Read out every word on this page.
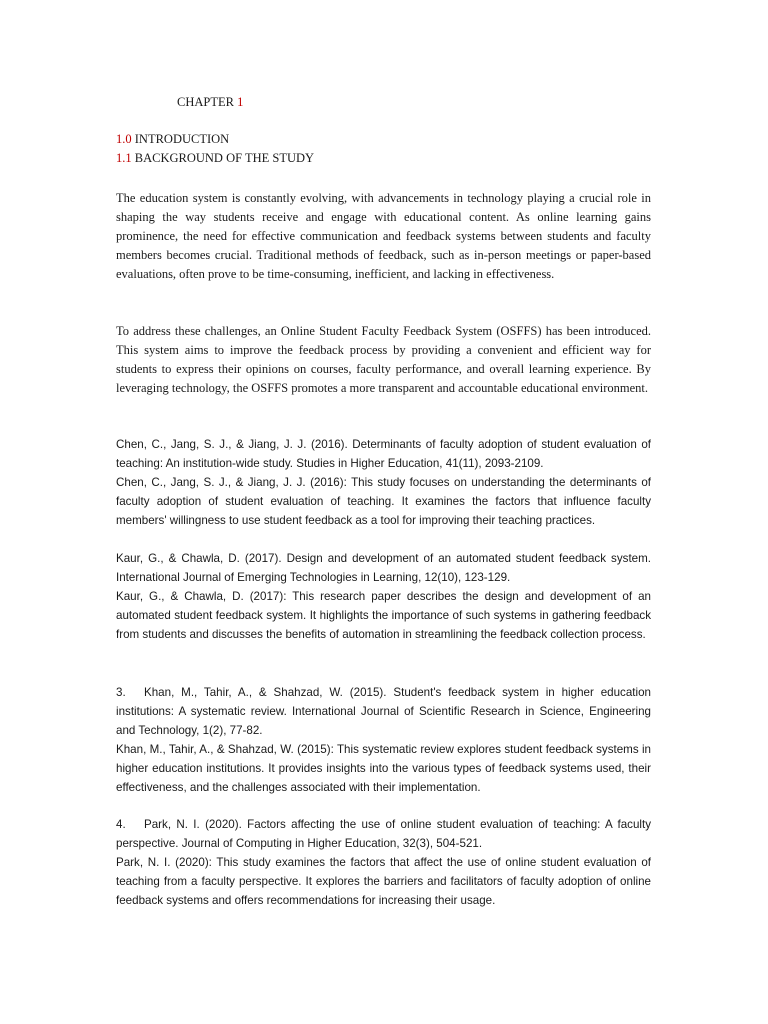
CHAPTER 1
1.0 INTRODUCTION
1.1 BACKGROUND OF THE STUDY
The education system is constantly evolving, with advancements in technology playing a crucial role in shaping the way students receive and engage with educational content. As online learning gains prominence, the need for effective communication and feedback systems between students and faculty members becomes crucial. Traditional methods of feedback, such as in-person meetings or paper-based evaluations, often prove to be time-consuming, inefficient, and lacking in effectiveness.
To address these challenges, an Online Student Faculty Feedback System (OSFFS) has been introduced. This system aims to improve the feedback process by providing a convenient and efficient way for students to express their opinions on courses, faculty performance, and overall learning experience. By leveraging technology, the OSFFS promotes a more transparent and accountable educational environment.
Chen, C., Jang, S. J., & Jiang, J. J. (2016). Determinants of faculty adoption of student evaluation of teaching: An institution-wide study. Studies in Higher Education, 41(11), 2093-2109.
Chen, C., Jang, S. J., & Jiang, J. J. (2016): This study focuses on understanding the determinants of faculty adoption of student evaluation of teaching. It examines the factors that influence faculty members' willingness to use student feedback as a tool for improving their teaching practices.
Kaur, G., & Chawla, D. (2017). Design and development of an automated student feedback system. International Journal of Emerging Technologies in Learning, 12(10), 123-129.
Kaur, G., & Chawla, D. (2017): This research paper describes the design and development of an automated student feedback system. It highlights the importance of such systems in gathering feedback from students and discusses the benefits of automation in streamlining the feedback collection process.
3. Khan, M., Tahir, A., & Shahzad, W. (2015). Student's feedback system in higher education institutions: A systematic review. International Journal of Scientific Research in Science, Engineering and Technology, 1(2), 77-82.
Khan, M., Tahir, A., & Shahzad, W. (2015): This systematic review explores student feedback systems in higher education institutions. It provides insights into the various types of feedback systems used, their effectiveness, and the challenges associated with their implementation.
4. Park, N. I. (2020). Factors affecting the use of online student evaluation of teaching: A faculty perspective. Journal of Computing in Higher Education, 32(3), 504-521.
Park, N. I. (2020): This study examines the factors that affect the use of online student evaluation of teaching from a faculty perspective. It explores the barriers and facilitators of faculty adoption of online feedback systems and offers recommendations for increasing their usage.
